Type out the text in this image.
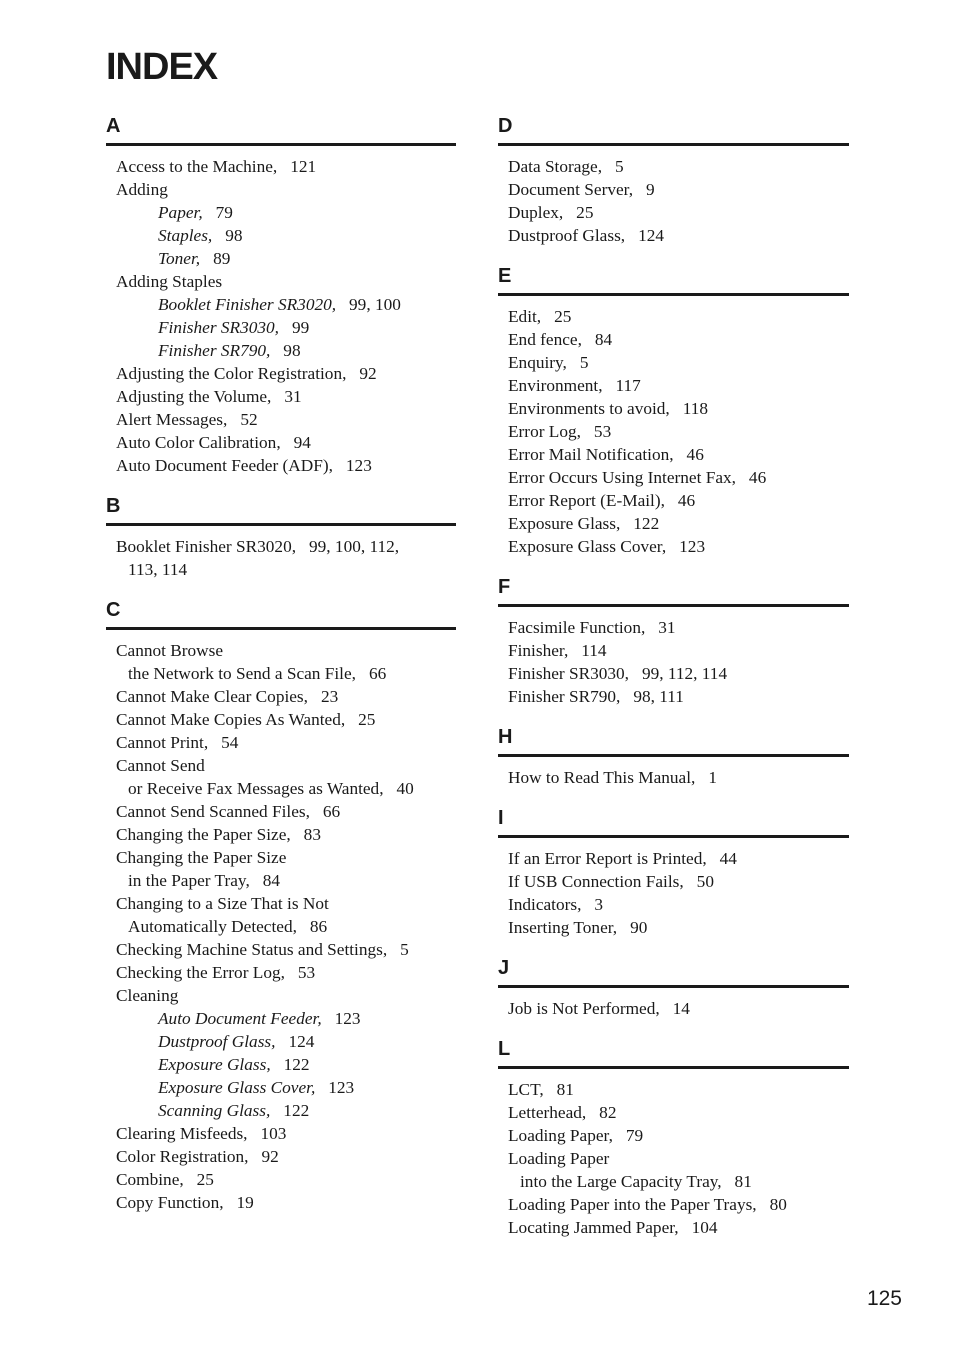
INDEX
A
Access to the Machine, 121
Adding
Paper, 79
Staples, 98
Toner, 89
Adding Staples
Booklet Finisher SR3020, 99, 100
Finisher SR3030, 99
Finisher SR790, 98
Adjusting the Color Registration, 92
Adjusting the Volume, 31
Alert Messages, 52
Auto Color Calibration, 94
Auto Document Feeder (ADF), 123
B
Booklet Finisher SR3020, 99, 100, 112,
113, 114
C
Cannot Browse
the Network to Send a Scan File, 66
Cannot Make Clear Copies, 23
Cannot Make Copies As Wanted, 25
Cannot Print, 54
Cannot Send
or Receive Fax Messages as Wanted, 40
Cannot Send Scanned Files, 66
Changing the Paper Size, 83
Changing the Paper Size
in the Paper Tray, 84
Changing to a Size That is Not
Automatically Detected, 86
Checking Machine Status and Settings, 5
Checking the Error Log, 53
Cleaning
Auto Document Feeder, 123
Dustproof Glass, 124
Exposure Glass, 122
Exposure Glass Cover, 123
Scanning Glass, 122
Clearing Misfeeds, 103
Color Registration, 92
Combine, 25
Copy Function, 19
D
Data Storage, 5
Document Server, 9
Duplex, 25
Dustproof Glass, 124
E
Edit, 25
End fence, 84
Enquiry, 5
Environment, 117
Environments to avoid, 118
Error Log, 53
Error Mail Notification, 46
Error Occurs Using Internet Fax, 46
Error Report (E-Mail), 46
Exposure Glass, 122
Exposure Glass Cover, 123
F
Facsimile Function, 31
Finisher, 114
Finisher SR3030, 99, 112, 114
Finisher SR790, 98, 111
H
How to Read This Manual, 1
I
If an Error Report is Printed, 44
If USB Connection Fails, 50
Indicators, 3
Inserting Toner, 90
J
Job is Not Performed, 14
L
LCT, 81
Letterhead, 82
Loading Paper, 79
Loading Paper
into the Large Capacity Tray, 81
Loading Paper into the Paper Trays, 80
Locating Jammed Paper, 104
125
